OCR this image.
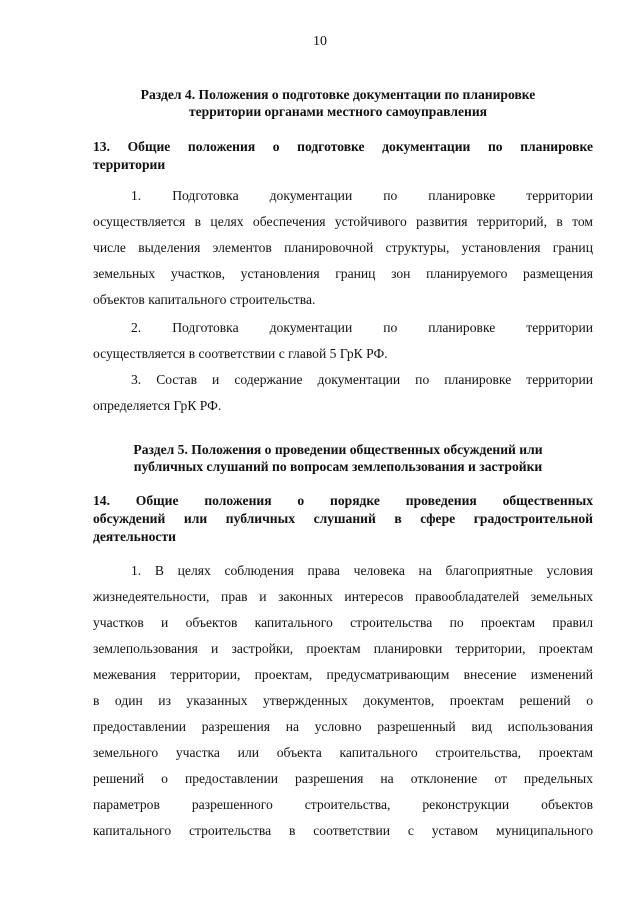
10
Раздел 4. Положения о подготовке документации по планировке
территории органами местного самоуправления
13. Общие положения о подготовке документации по планировке
территории
1. Подготовка документации по планировке территории
осуществляется в целях обеспечения устойчивого развития территорий, в том
числе выделения элементов планировочной структуры, установления границ
земельных участков, установления границ зон планируемого размещения
объектов капитального строительства.
2. Подготовка документации по планировке территории
осуществляется в соответствии с главой 5 ГрК РФ.
3. Состав и содержание документации по планировке территории
определяется ГрК РФ.
Раздел 5. Положения о проведении общественных обсуждений или
публичных слушаний по вопросам землепользования и застройки
14. Общие положения о порядке проведения общественных
обсуждений или публичных слушаний в сфере градостроительной
деятельности
1. В целях соблюдения права человека на благоприятные условия
жизнедеятельности, прав и законных интересов правообладателей земельных
участков и объектов капитального строительства по проектам правил
землепользования и застройки, проектам планировки территории, проектам
межевания территории, проектам, предусматривающим внесение изменений
в один из указанных утвержденных документов, проектам решений о
предоставлении разрешения на условно разрешенный вид использования
земельного участка или объекта капитального строительства, проектам
решений о предоставлении разрешения на отклонение от предельных
параметров разрешенного строительства, реконструкции объектов
капитального строительства в соответствии с уставом муниципального
